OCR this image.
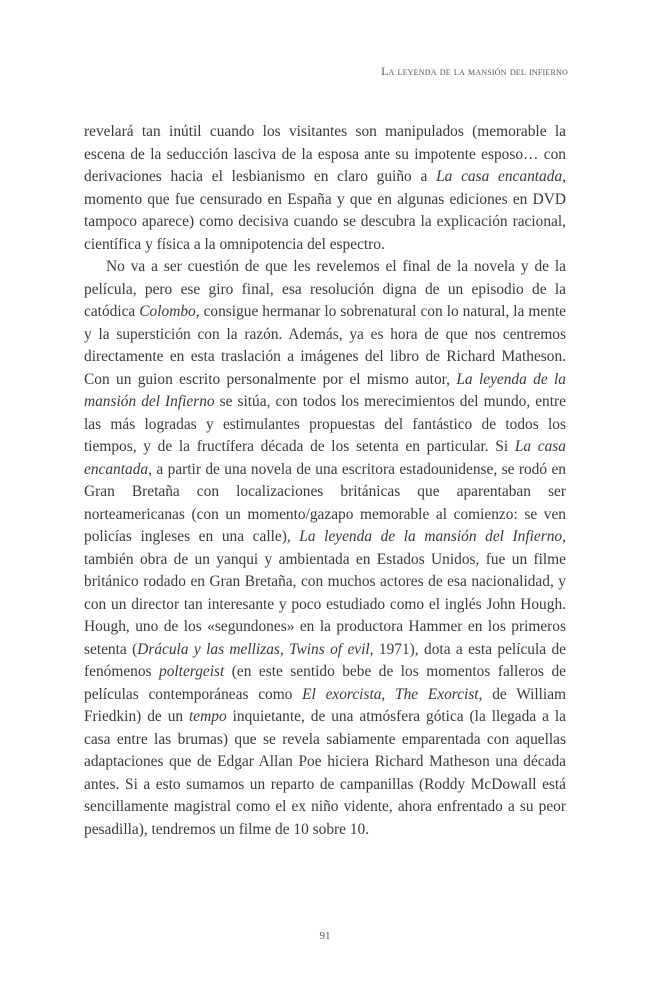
La leyenda de la mansión del infierno

revelará tan inútil cuando los visitantes son manipulados (memorable la escena de la seducción lasciva de la esposa ante su impotente esposo… con derivaciones hacia el lesbianismo en claro guiño a La casa encantada, momento que fue censurado en España y que en algunas ediciones en DVD tampoco aparece) como decisiva cuando se descubra la explicación racional, científica y física a la omnipotencia del espectro.

No va a ser cuestión de que les revelemos el final de la novela y de la película, pero ese giro final, esa resolución digna de un episodio de la catódica Colombo, consigue hermanar lo sobrenatural con lo natural, la mente y la superstición con la razón. Además, ya es hora de que nos centremos directamente en esta traslación a imágenes del libro de Richard Matheson. Con un guion escrito personalmente por el mismo autor, La leyenda de la mansión del Infierno se sitúa, con todos los merecimientos del mundo, entre las más logradas y estimulantes propuestas del fantástico de todos los tiempos, y de la fructífera década de los setenta en particular. Si La casa encantada, a partir de una novela de una escritora estadounidense, se rodó en Gran Bretaña con localizaciones británicas que aparentaban ser norteamericanas (con un momento/gazapo memorable al comienzo: se ven policías ingleses en una calle), La leyenda de la mansión del Infierno, también obra de un yanqui y ambientada en Estados Unidos, fue un filme británico rodado en Gran Bretaña, con muchos actores de esa nacionalidad, y con un director tan interesante y poco estudiado como el inglés John Hough. Hough, uno de los «segundones» en la productora Hammer en los primeros setenta (Drácula y las mellizas, Twins of evil, 1971), dota a esta película de fenómenos poltergeist (en este sentido bebe de los momentos falleros de películas contemporáneas como El exorcista, The Exorcist, de William Friedkin) de un tempo inquietante, de una atmósfera gótica (la llegada a la casa entre las brumas) que se revela sabiamente emparentada con aquellas adaptaciones que de Edgar Allan Poe hiciera Richard Matheson una década antes. Si a esto sumamos un reparto de campanillas (Roddy McDowall está sencillamente magistral como el ex niño vidente, ahora enfrentado a su peor pesadilla), tendremos un filme de 10 sobre 10.

91
